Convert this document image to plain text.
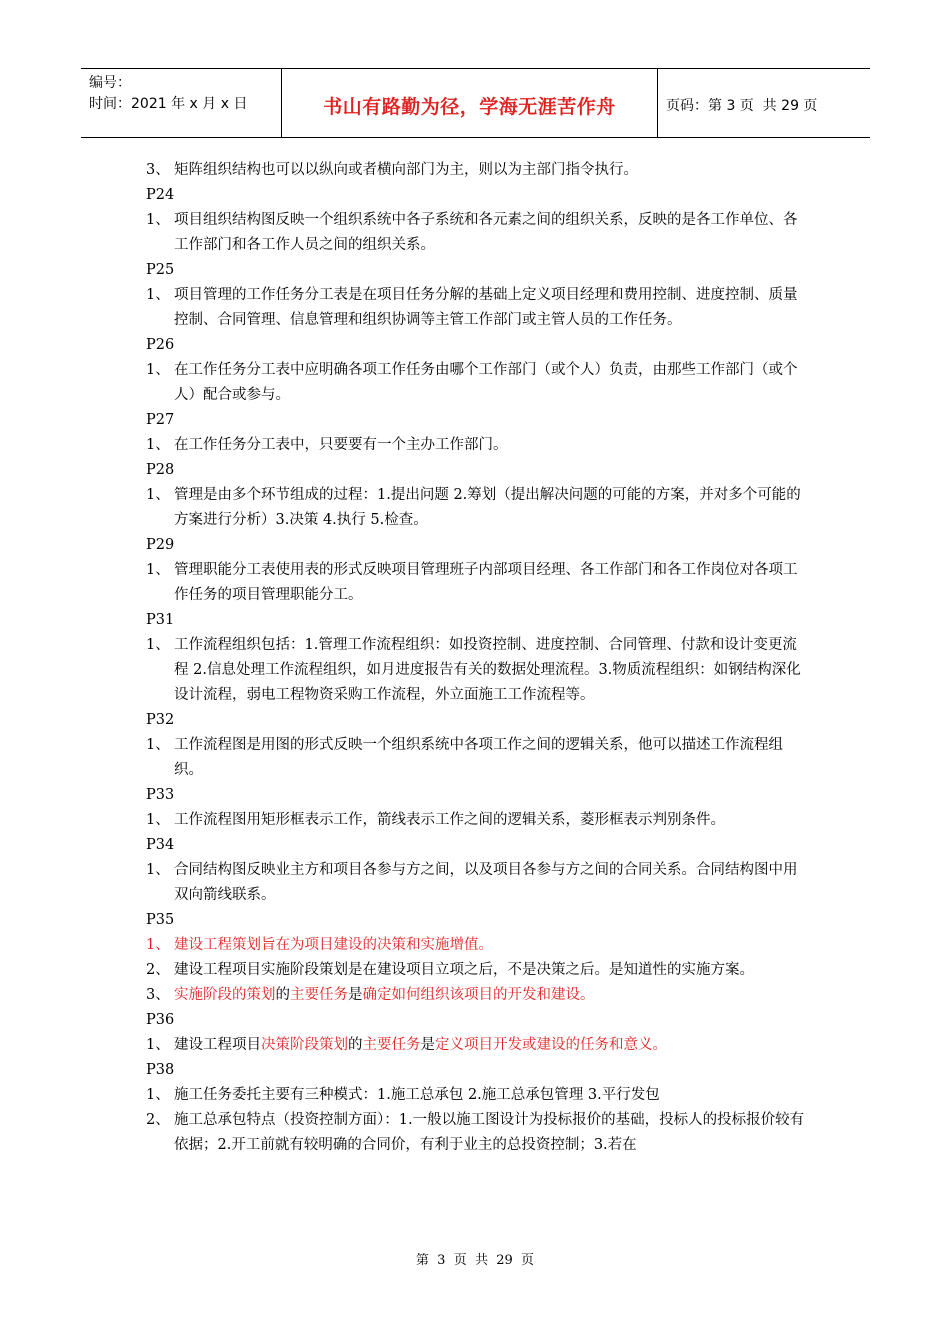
编号：
时间：2021 年 x 月 x 日	书山有路勤为径，学海无涯苦作舟	页码：第 3 页  共 29 页
3、 矩阵组织结构也可以以纵向或者横向部门为主，则以为主部门指令执行。
P24
1、 项目组织结构图反映一个组织系统中各子系统和各元素之间的组织关系，反映的是各工作单位、各工作部门和各工作人员之间的组织关系。
P25
1、 项目管理的工作任务分工表是在项目任务分解的基础上定义项目经理和费用控制、进度控制、质量控制、合同管理、信息管理和组织协调等主管工作部门或主管人员的工作任务。
P26
1、 在工作任务分工表中应明确各项工作任务由哪个工作部门（或个人）负责，由那些工作部门（或个人）配合或参与。
P27
1、 在工作任务分工表中，只要要有一个主办工作部门。
P28
1、 管理是由多个环节组成的过程：1.提出问题 2.筹划（提出解决问题的可能的方案，并对多个可能的方案进行分析）3.决策 4.执行 5.检查。
P29
1、 管理职能分工表使用表的形式反映项目管理班子内部项目经理、各工作部门和各工作岗位对各项工作任务的项目管理职能分工。
P31
1、 工作流程组织包括：1.管理工作流程组织：如投资控制、进度控制、合同管理、付款和设计变更流程 2.信息处理工作流程组织，如月进度报告有关的数据处理流程。3.物质流程组织：如钢结构深化设计流程，弱电工程物资采购工作流程，外立面施工工作流程等。
P32
1、 工作流程图是用图的形式反映一个组织系统中各项工作之间的逻辑关系，他可以描述工作流程组织。
P33
1、 工作流程图用矩形框表示工作，箭线表示工作之间的逻辑关系，菱形框表示判别条件。
P34
1、 合同结构图反映业主方和项目各参与方之间，以及项目各参与方之间的合同关系。合同结构图中用双向箭线联系。
P35
1、 建设工程策划旨在为项目建设的决策和实施增值。
2、 建设工程项目实施阶段策划是在建设项目立项之后，不是决策之后。是知道性的实施方案。
3、 实施阶段的策划的主要任务是确定如何组织该项目的开发和建设。
P36
1、 建设工程项目决策阶段策划的主要任务是定义项目开发或建设的任务和意义。
P38
1、 施工任务委托主要有三种模式：1.施工总承包 2.施工总承包管理 3.平行发包
2、 施工总承包特点（投资控制方面）：1.一般以施工图设计为投标报价的基础，投标人的投标报价较有依据；2.开工前就有较明确的合同价，有利于业主的总投资控制；3.若在
第  3  页  共  29  页
